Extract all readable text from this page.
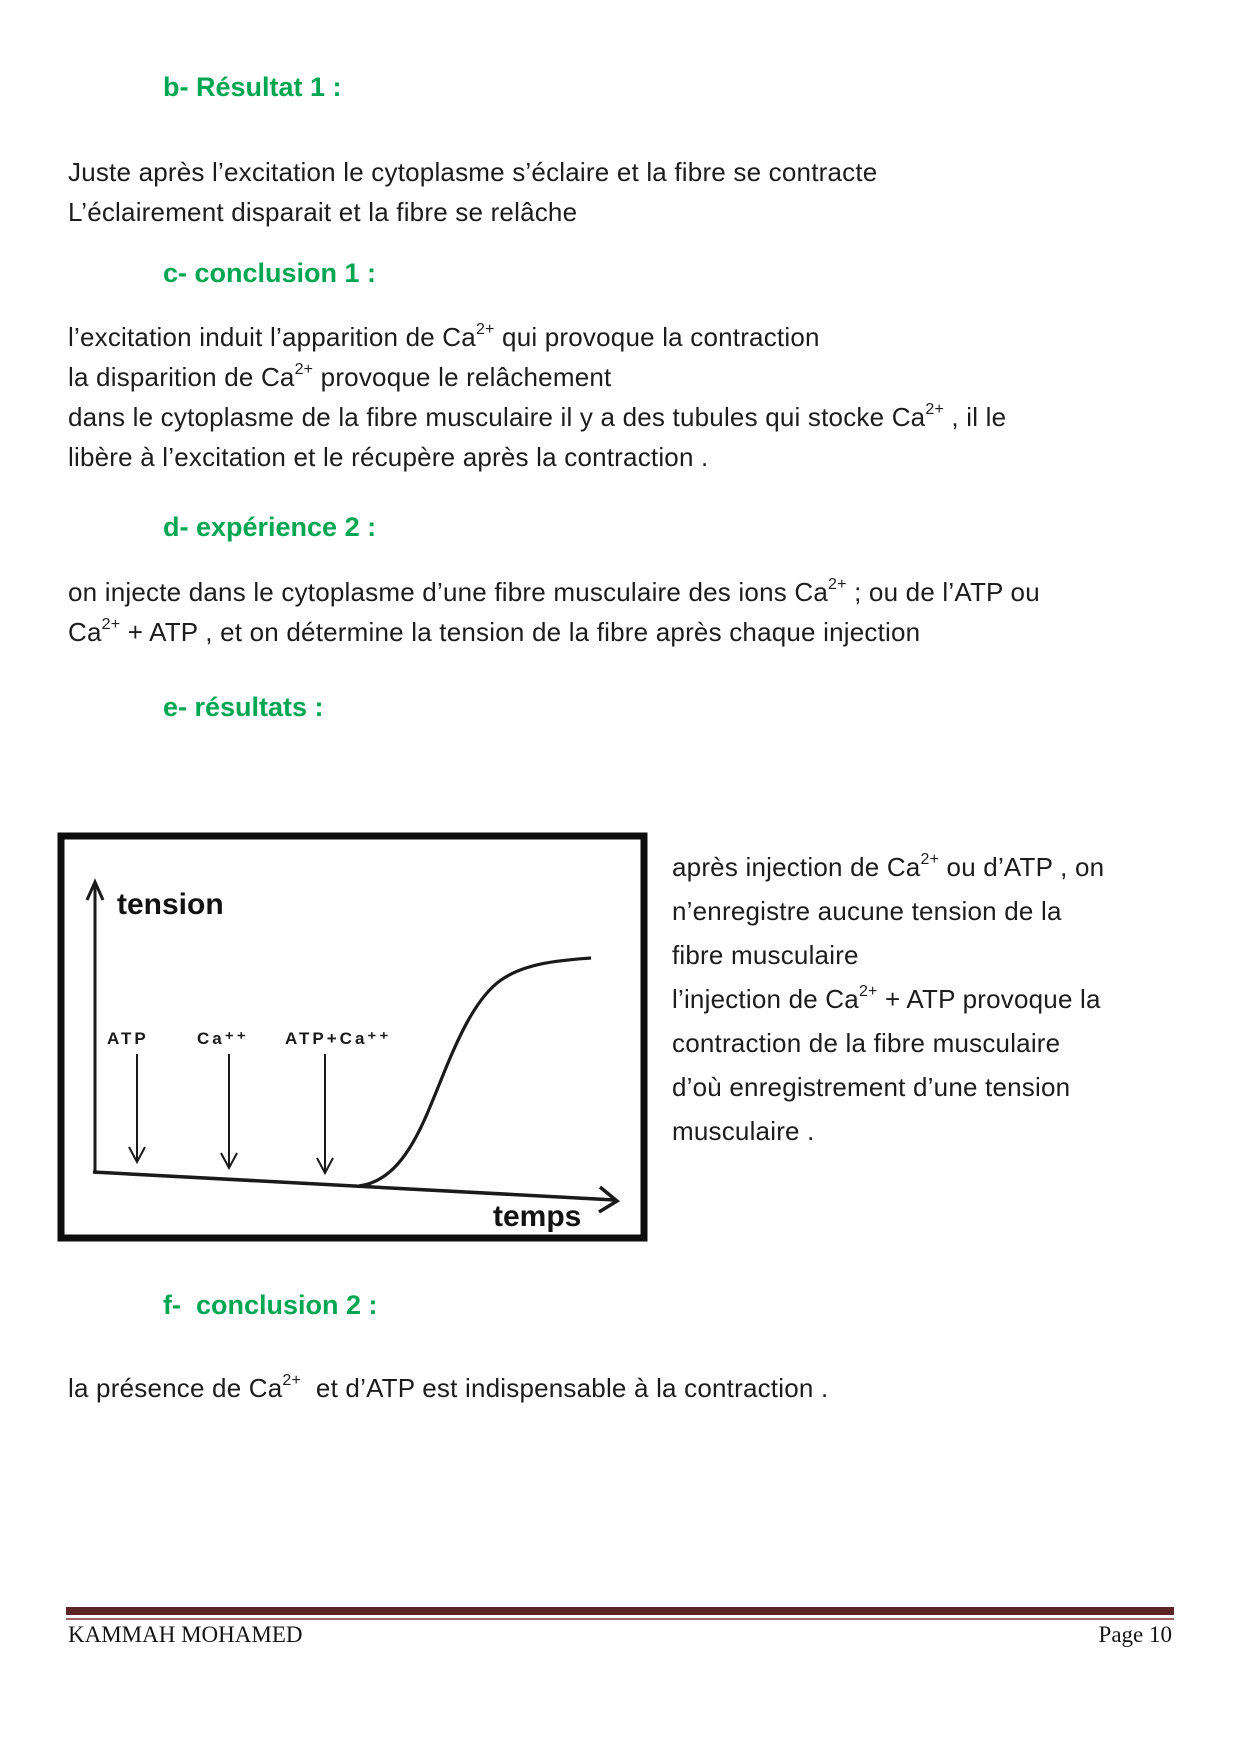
b- Résultat 1 :
Juste après l’excitation le cytoplasme s’éclaire et la fibre se contracte
L’éclairement disparait et la fibre se relâche
c- conclusion 1 :
l’excitation induit l’apparition de $Ca^{2+}$ qui provoque la contraction
la disparition de $Ca^{2+}$ provoque le relâchement
dans le cytoplasme de la fibre musculaire il y a des tubules qui stocke $Ca^{2+}$ , il le
libère à l’excitation et le récupère après la contraction .
d- expérience 2 :
on injecte dans le cytoplasme d’une fibre musculaire des ions $Ca^{2+}$ ; ou de l’ATP ou
$Ca^{2+}$ + ATP , et on détermine la tension de la fibre après chaque injection
e- résultats :
tension
temps
ATP	Ca⁺⁺ ATP+Ca⁺⁺
après injection de $Ca^{2+}$ ou d’ATP , on
n’enregistre aucune tension de la
fibre musculaire
l’injection de $Ca^{2+}$ + ATP provoque la
contraction de la fibre musculaire
d’où enregistrement d’une tension
musculaire .
f-  conclusion 2 :
la présence de $Ca^{2+}$  et d’ATP est indispensable à la contraction .
KAMMAH MOHAMED	Page 10
